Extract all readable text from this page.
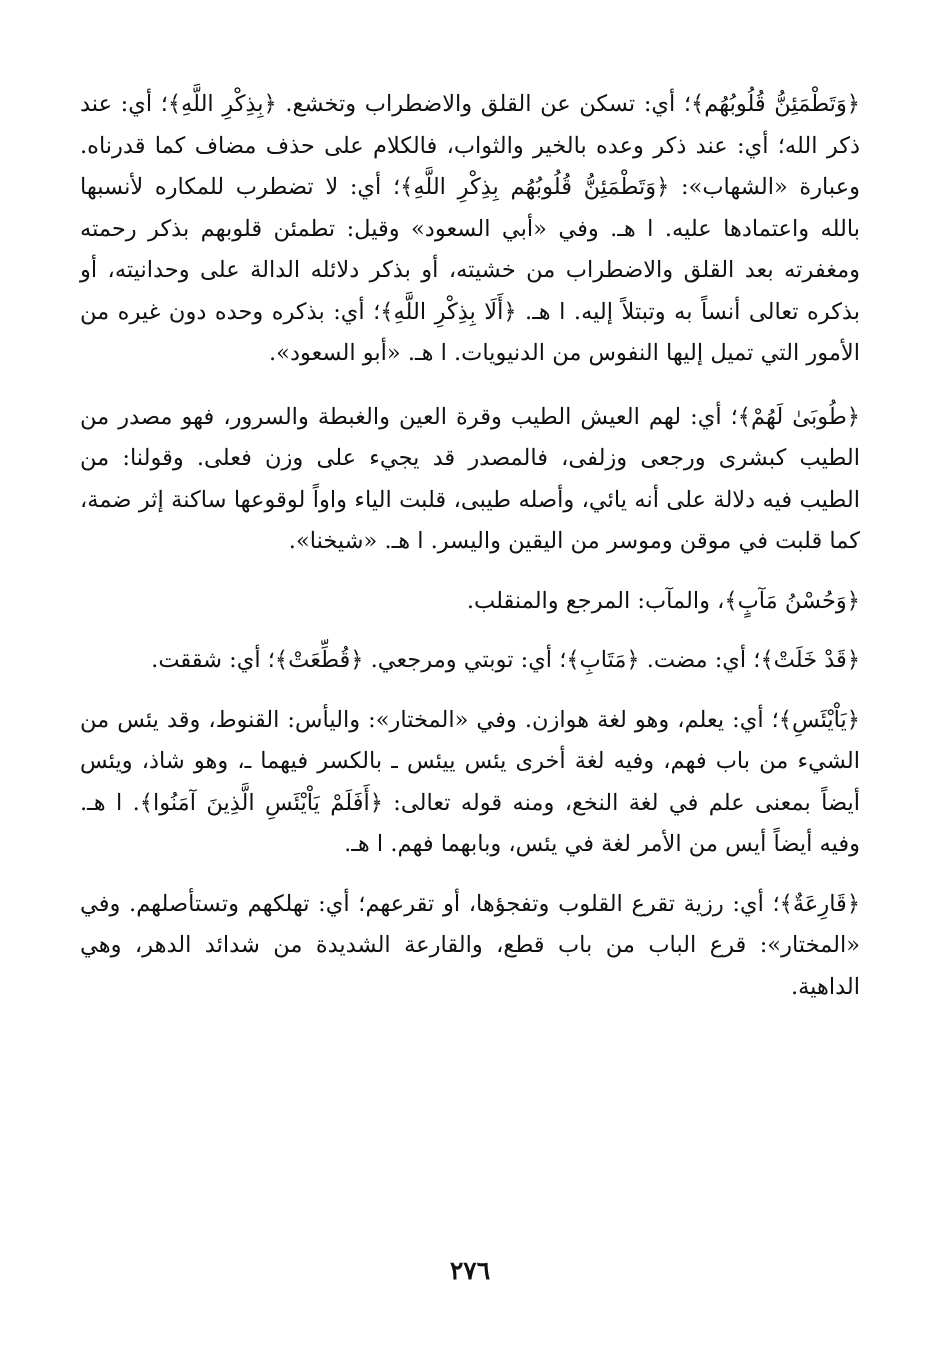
﴿وَتَطْمَئِنُّ قُلُوبُهُم﴾؛ أي: تسكن عن القلق والاضطراب وتخشع. ﴿بِذِكْرِ اللَّهِ﴾؛ أي: عند ذكر الله؛ أي: عند ذكر وعده بالخير والثواب، فالكلام على حذف مضاف كما قدرناه. وعبارة «الشهاب»: ﴿وَتَطْمَئِنُّ قُلُوبُهُم بِذِكْرِ اللَّهِ﴾؛ أي: لا تضطرب للمكاره لأنسبها بالله واعتمادها عليه. ا هـ. وفي «أبي السعود» وقيل: تطمئن قلوبهم بذكر رحمته ومغفرته بعد القلق والاضطراب من خشيته، أو بذكر دلائله الدالة على وحدانيته، أو بذكره تعالى أنساً به وتبتلاً إليه. ا هـ. ﴿أَلَا بِذِكْرِ اللَّهِ﴾؛ أي: بذكره وحده دون غيره من الأمور التي تميل إليها النفوس من الدنيويات. ا هـ. «أبو السعود».

﴿طُوبَىٰ لَهُمْ﴾؛ أي: لهم العيش الطيب وقرة العين والغبطة والسرور، فهو مصدر من الطيب كبشرى ورجعى وزلفى، فالمصدر قد يجيء على وزن فعلى. وقولنا: من الطيب فيه دلالة على أنه يائي، وأصله طيبى، قلبت الياء واواً لوقوعها ساكنة إثر ضمة، كما قلبت في موقن وموسر من اليقين واليسر. ا هـ. «شيخنا».

﴿وَحُسْنُ مَآبٍ﴾، والمآب: المرجع والمنقلب.

﴿قَدْ خَلَتْ﴾؛ أي: مضت. ﴿مَتَابِ﴾؛ أي: توبتي ومرجعي. ﴿قُطِّعَتْ﴾؛ أي: شققت.

﴿يَاْيْئَسِ﴾؛ أي: يعلم، وهو لغة هوازن. وفي «المختار»: واليأس: القنوط، وقد يئس من الشيء من باب فهم، وفيه لغة أخرى يئس ييئس ـ بالكسر فيهما ـ، وهو شاذ، ويئس أيضاً بمعنى علم في لغة النخع، ومنه قوله تعالى: ﴿أَفَلَمْ يَاْيْئَسِ الَّذِينَ آمَنُوا﴾. ا هـ. وفيه أيضاً أيس من الأمر لغة في يئس، وبابهما فهم. ا هـ.

﴿قَارِعَةٌ﴾؛ أي: رزية تقرع القلوب وتفجؤها، أو تقرعهم؛ أي: تهلكهم وتستأصلهم. وفي «المختار»: قرع الباب من باب قطع، والقارعة الشديدة من شدائد الدهر، وهي الداهية.

٢٧٦
